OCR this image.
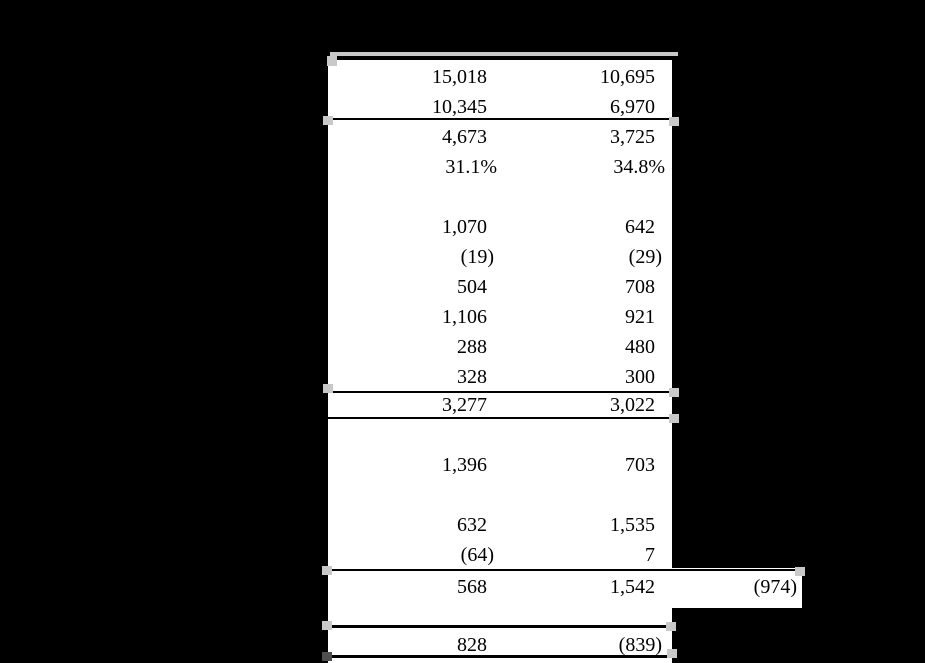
15,018	10,695
10,345	6,970
4,673	3,725
31.1%	34.8%
1,070	642
(19)	(29)
504	708
1,106	921
288	480
328	300
3,277	3,022
1,396	703
632	1,535
(64)	7
568	1,542	(974)
828	(839)
